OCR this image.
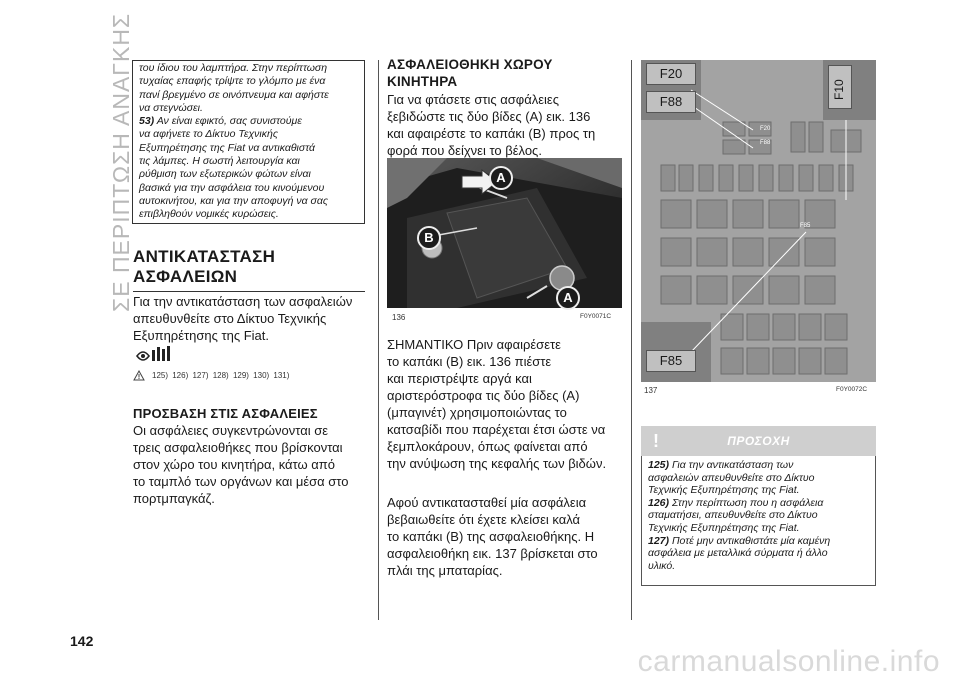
ΣΕ ΠΕΡΙΠΤΩΣΗ ΑΝΑΓΚΗΣ
142

του ίδιου του λαμπτήρα. Στην περίπτωση

τυχαίας επαφής τρίψτε το γλόμπο με ένα

πανί βρεγμένο σε οινόπνευμα και αφήστε

να στεγνώσει.

53) Αν είναι εφικτό, σας συνιστούμε

να αφήνετε το Δίκτυο Τεχνικής

Εξυπηρέτησης της Fiat να αντικαθιστά

τις λάμπες. Η σωστή λειτουργία και

ρύθμιση των εξωτερικών φώτων είναι

βασικά για την ασφάλεια του κινούμενου

αυτοκινήτου, και για την αποφυγή να σας

επιβληθούν νομικές κυρώσεις.

ΑΝΤΙΚΑΤΑΣΤΑΣΗ
ΑΣΦΑΛΕΙΩΝ
Για την αντικατάσταση των ασφαλειών
απευθυνθείτε στο Δίκτυο Τεχνικής
Εξυπηρέτησης της Fiat.
125) 126) 127) 128) 129) 130) 131)
ΠΡΟΣΒΑΣΗ ΣΤΙΣ ΑΣΦΑΛΕΙΕΣ
Οι ασφάλειες συγκεντρώνονται σε
τρεις ασφαλειοθήκες που βρίσκονται
στον χώρο του κινητήρα, κάτω από
το ταμπλό των οργάνων και μέσα στο
πορτμπαγκάζ.
ΑΣΦΑΛΕΙΟΘΗΚΗ ΧΩΡΟΥ
ΚΙΝΗΤΗΡΑ
Για να φτάσετε στις ασφάλειες
ξεβιδώστε τις δύο βίδες (A) εικ. 136
και αφαιρέστε το καπάκι (B) προς τη
φορά που δείχνει το βέλος.
A
B
A
136	F0Y0071C
ΣΗΜΑΝΤΙΚΟ Πριν αφαιρέσετε
το καπάκι (B) εικ. 136 πιέστε
και περιστρέψτε αργά και
αριστερόστροφα τις δύο βίδες (A)
(μπαγινέτ) χρησιμοποιώντας το
κατσαβίδι που παρέχεται έτσι ώστε να
ξεμπλοκάρουν, όπως φαίνεται από
την ανύψωση της κεφαλής των βιδών.
Αφού αντικατασταθεί μία ασφάλεια
βεβαιωθείτε ότι έχετε κλείσει καλά
το καπάκι (B) της ασφαλειοθήκης. Η
ασφαλειοθήκη εικ. 137 βρίσκεται στο
πλάι της μπαταρίας.
F20
F88
F10
F85
F20
F88
F85
137	F0Y0072C
!	ΠΡΟΣΟΧΗ

125) Για την αντικατάσταση των

ασφαλειών απευθυνθείτε στο Δίκτυο

Τεχνικής Εξυπηρέτησης της Fiat.

126) Στην περίπτωση που η ασφάλεια

σταματήσει, απευθυνθείτε στο Δίκτυο

Τεχνικής Εξυπηρέτησης της Fiat.

127) Ποτέ μην αντικαθιστάτε μία καμένη

ασφάλεια με μεταλλικά σύρματα ή άλλο

υλικό.

carmanualsonline.info
